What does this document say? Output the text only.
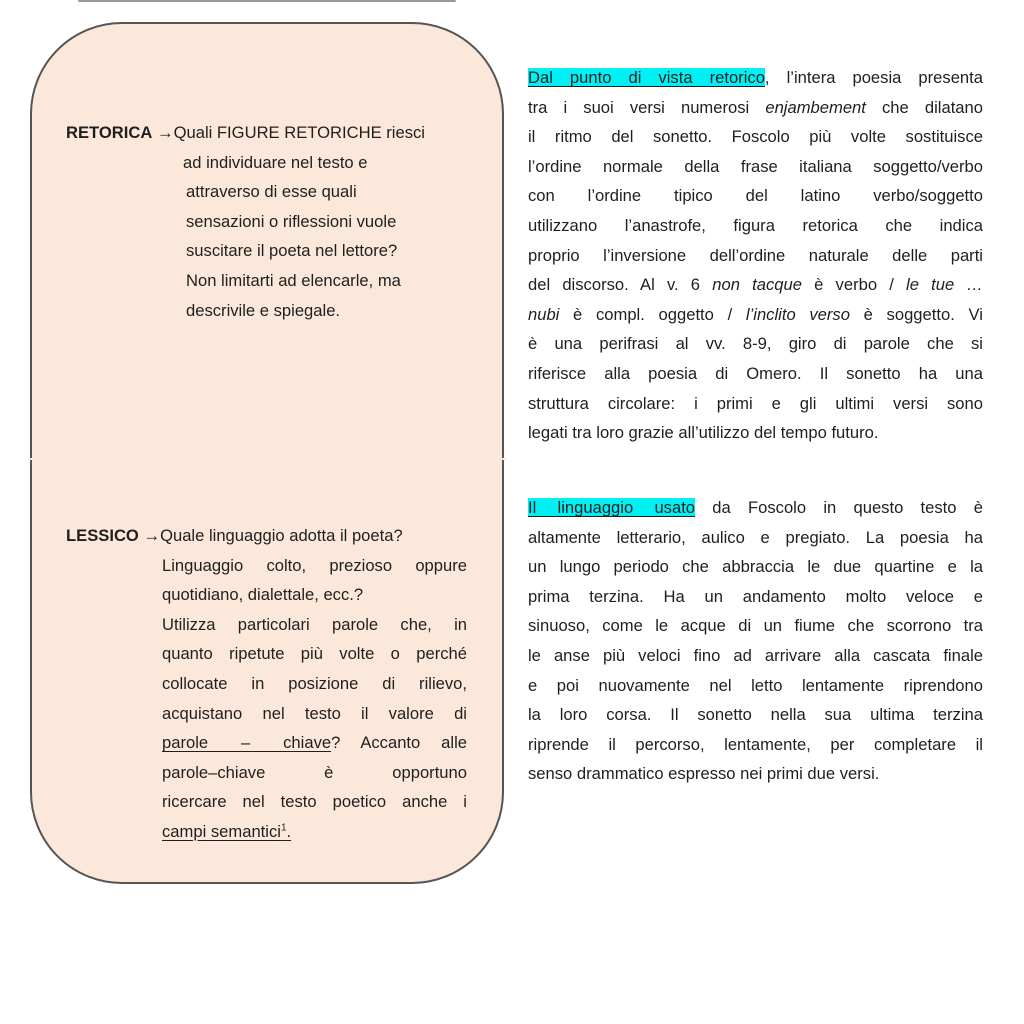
RETORICA →Quali FIGURE RETORICHE riesci
ad individuare nel testo e
attraverso di esse quali
sensazioni o riflessioni vuole
suscitare il poeta nel lettore?
Non limitarti ad elencarle, ma
descrivile e spiegale.
LESSICO →Quale linguaggio adotta il poeta?
Linguaggio colto, prezioso oppure
quotidiano, dialettale, ecc.?
Utilizza particolari parole che, in
quanto ripetute più volte o perché
collocate in posizione di rilievo,
acquistano nel testo il valore di
parole – chiave? Accanto alle
parole–chiave è opportuno
ricercare nel testo poetico anche i
campi semantici$^1$.
Dal punto di vista retorico, l’intera poesia presenta
tra i suoi versi numerosi enjambement che dilatano
il ritmo del sonetto. Foscolo più volte sostituisce
l’ordine normale della frase italiana soggetto/verbo
con l’ordine tipico del latino verbo/soggetto
utilizzano l’anastrofe, figura retorica che indica
proprio l’inversione dell’ordine naturale delle parti
del discorso. Al v. 6 non tacque è verbo / le tue …
nubi è compl. oggetto / l’inclito verso è soggetto. Vi
è una perifrasi al vv. 8-9, giro di parole che si
riferisce alla poesia di Omero. Il sonetto ha una
struttura circolare: i primi e gli ultimi versi sono
legati tra loro grazie all’utilizzo del tempo futuro.
Il linguaggio usato da Foscolo in questo testo è
altamente letterario, aulico e pregiato. La poesia ha
un lungo periodo che abbraccia le due quartine e la
prima terzina. Ha un andamento molto veloce e
sinuoso, come le acque di un fiume che scorrono tra
le anse più veloci fino ad arrivare alla cascata finale
e poi nuovamente nel letto lentamente riprendono
la loro corsa. Il sonetto nella sua ultima terzina
riprende il percorso, lentamente, per completare il
senso drammatico espresso nei primi due versi.
